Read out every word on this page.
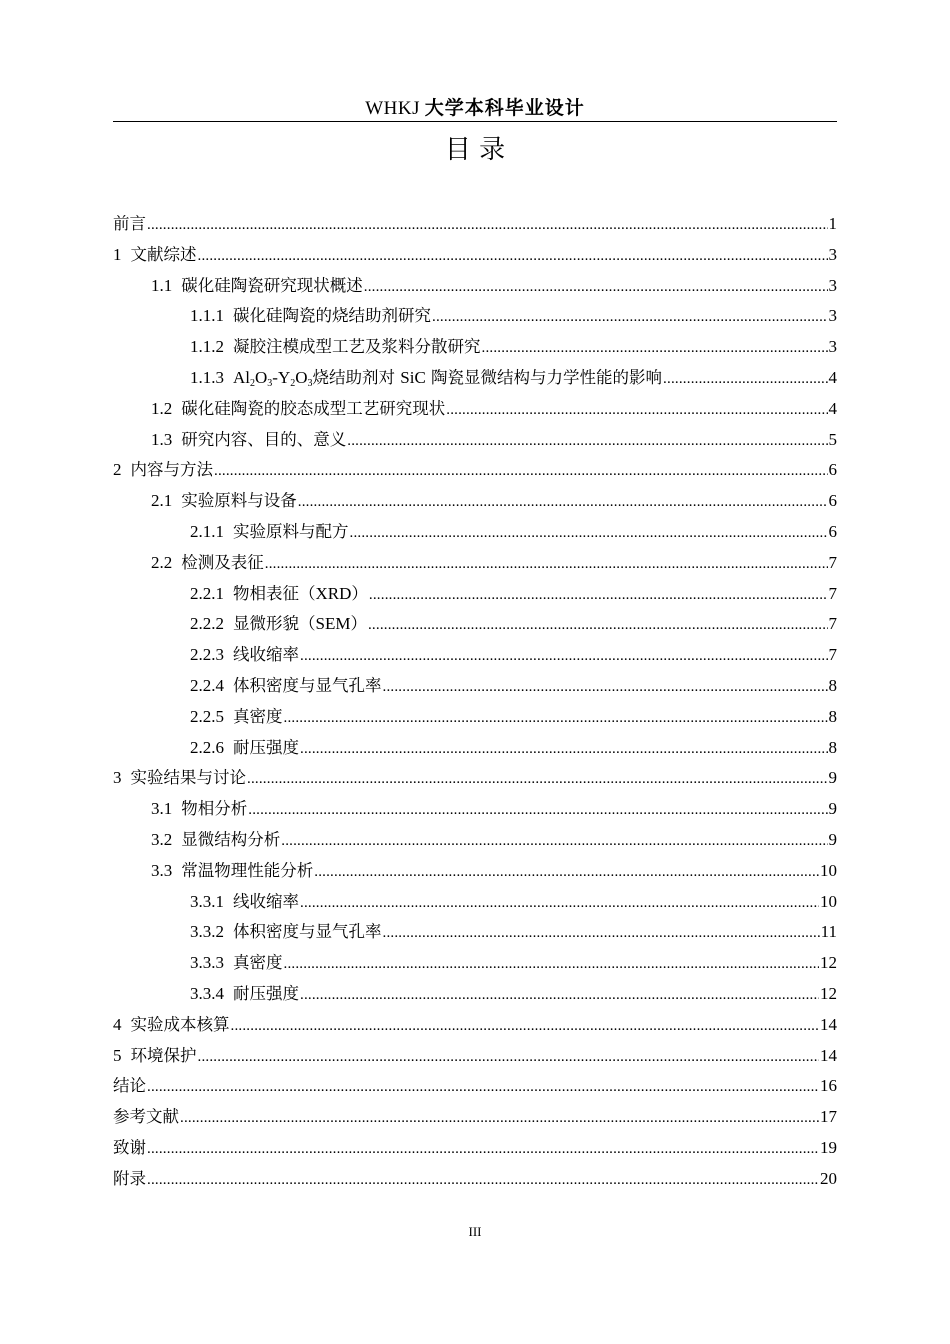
WHKJ 大学本科毕业设计
目 录
前言 .....	1
1 文献综述 .....	3
1.1 碳化硅陶瓷研究现状概述 .....	3
1.1.1 碳化硅陶瓷的烧结助剂研究 .....	3
1.1.2 凝胶注模成型工艺及浆料分散研究 .....	3
1.1.3 $Al_2O_3-Y_2O_3$烧结助剂对 SiC 陶瓷显微结构与力学性能的影响 .....	4
1.2 碳化硅陶瓷的胶态成型工艺研究现状 .....	4
1.3 研究内容、目的、意义 .....	5
2 内容与方法 .....	6
2.1 实验原料与设备 .....	6
2.1.1 实验原料与配方 .....	6
2.2 检测及表征 .....	7
2.2.1 物相表征（XRD） .....	7
2.2.2 显微形貌（SEM） .....	7
2.2.3 线收缩率 .....	7
2.2.4 体积密度与显气孔率 .....	8
2.2.5 真密度 .....	8
2.2.6 耐压强度 .....	8
3 实验结果与讨论 .....	9
3.1 物相分析 .....	9
3.2 显微结构分析 .....	9
3.3 常温物理性能分析 .....	10
3.3.1 线收缩率 .....	10
3.3.2 体积密度与显气孔率 .....	11
3.3.3 真密度 .....	12
3.3.4 耐压强度 .....	12
4 实验成本核算 .....	14
5 环境保护 .....	14
结论 .....	16
参考文献 .....	17
致谢 .....	19
附录 .....	20
III
